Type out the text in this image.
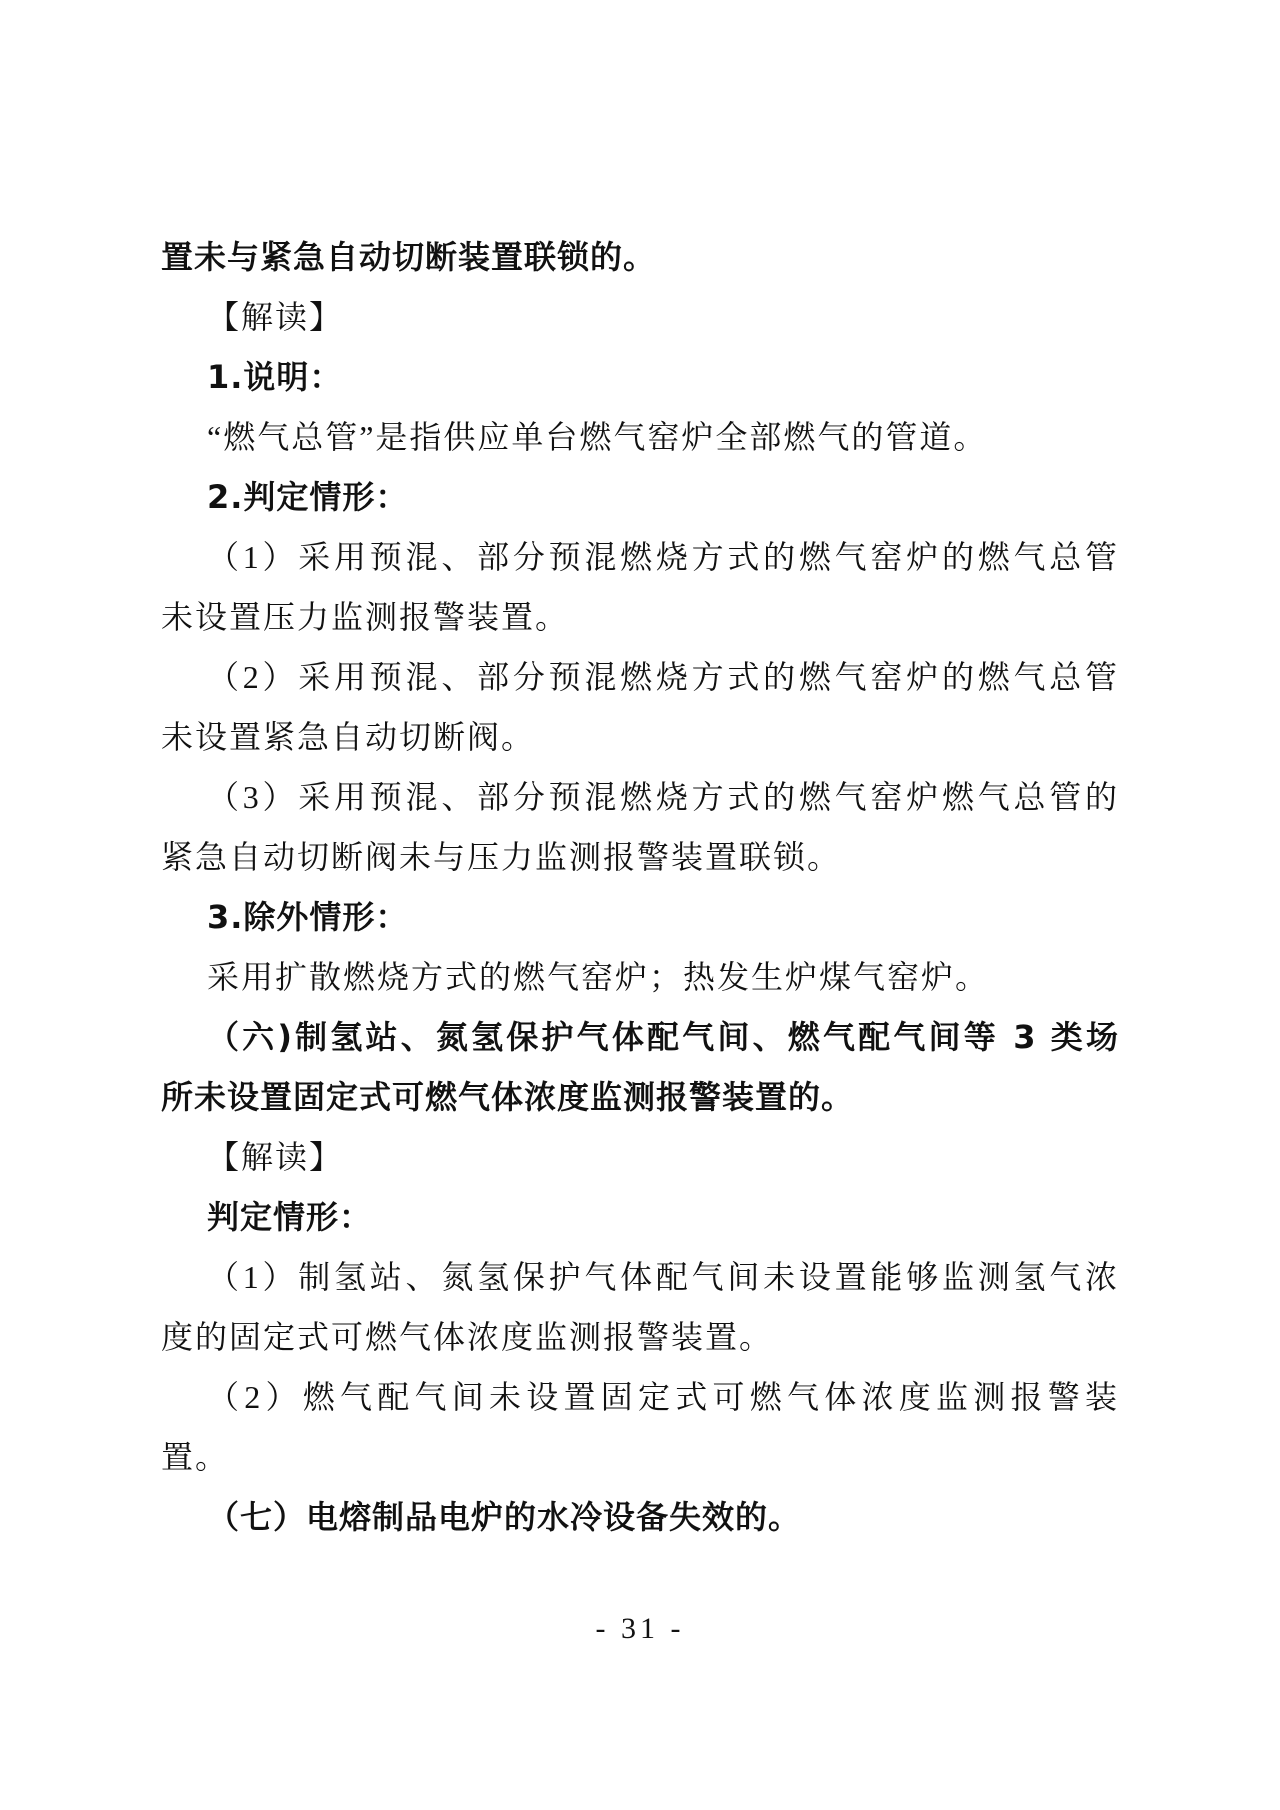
置未与紧急自动切断装置联锁的。
【解读】
1.说明：
“燃气总管”是指供应单台燃气窑炉全部燃气的管道。
2.判定情形：
（1）采用预混、部分预混燃烧方式的燃气窑炉的燃气总管
未设置压力监测报警装置。
（2）采用预混、部分预混燃烧方式的燃气窑炉的燃气总管
未设置紧急自动切断阀。
（3）采用预混、部分预混燃烧方式的燃气窑炉燃气总管的
紧急自动切断阀未与压力监测报警装置联锁。
3.除外情形：
采用扩散燃烧方式的燃气窑炉；热发生炉煤气窑炉。
（六)制氢站、氮氢保护气体配气间、燃气配气间等 3 类场
所未设置固定式可燃气体浓度监测报警装置的。
【解读】
判定情形：
（1）制氢站、氮氢保护气体配气间未设置能够监测氢气浓
度的固定式可燃气体浓度监测报警装置。
（2）燃气配气间未设置固定式可燃气体浓度监测报警装
置。
（七）电熔制品电炉的水冷设备失效的。
- 31 -
